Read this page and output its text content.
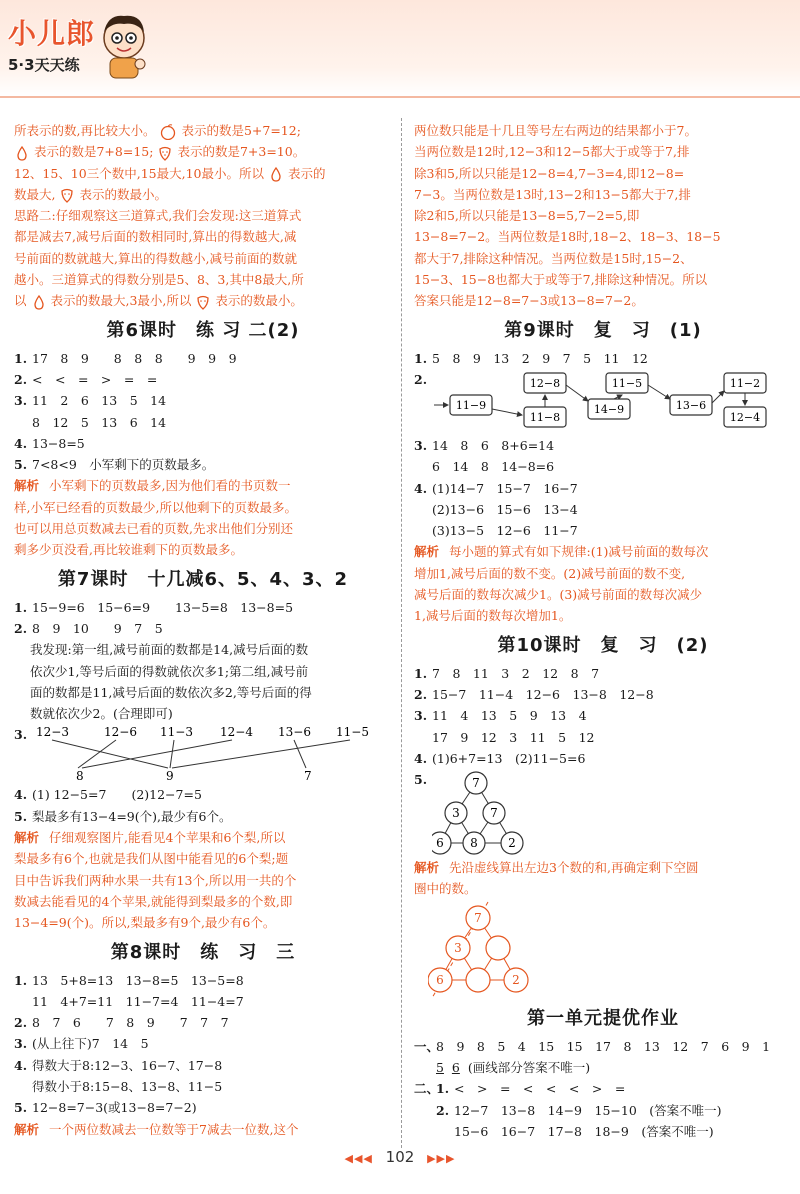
小儿郎
5·3天天练

所表示的数,再比较大小。 表示的数是5+7=12;

表示的数是7+8=15; 表示的数是7+3=10。

12、15、10三个数中,15最大,10最小。所以 表示的

数最大, 表示的数最小。

思路二:仔细观察这三道算式,我们会发现:这三道算式

都是减去7,减号后面的数相同时,算出的得数越大,减

号前面的数就越大,算出的得数越小,减号前面的数就

越小。三道算式的得数分别是5、8、3,其中8最大,所

以 表示的数最大,3最小,所以 表示的数最小。

第6课时　练 习 二(2)
1. 17　8　9　　8　8　8　　9　9　9
2. <　<　=　>　=　=
3. 11　2　6　13　5　14
8　12　5　13　6　14
4. 13−8=5
5. 7<8<9　小军剩下的页数最多。

解析 小军剩下的页数最多,因为他们看的书页数一

样,小军已经看的页数最少,所以他剩下的页数最多。

也可以用总页数减去已看的页数,先求出他们分别还

剩多少页没看,再比较谁剩下的页数最多。

第7课时　十几减6、5、4、3、2
1. 15−9=6　15−6=9　　13−5=8　13−8=5
2. 8　9　10　　9　7　5

我发现:第一组,减号前面的数都是14,减号后面的数

依次少1,等号后面的得数就依次多1;第二组,减号前

面的数都是11,减号后面的数依次多2,等号后面的得

数就依次少2。(合理即可)

3. 12−3	12−6 11−3 12−4 13−6 11−5
8	9	7
4. (1) 12−5=7　　(2)12−7=5
5. 梨最多有13−4=9(个),最少有6个。

解析 仔细观察图片,能看见4个苹果和6个梨,所以

梨最多有6个,也就是我们从图中能看见的6个梨;题

目中告诉我们两种水果一共有13个,所以用一共的个

数减去能看见的4个苹果,就能得到梨最多的个数,即

13−4=9(个)。所以,梨最多有9个,最少有6个。

第8课时　练　习　三
1. 13　5+8=13　13−8=5　13−5=8
11　4+7=11　11−7=4　11−4=7
2. 8　7　6　　7　8　9　　7　7　7
3. (从上往下)7　14　5
4. 得数大于8:12−3、16−7、17−8
得数小于8:15−8、13−8、11−5
5. 12−8=7−3(或13−8=7−2)

解析 一个两位数减去一位数等于7减去一位数,这个

两位数只能是十几且等号左右两边的结果都小于7。

当两位数是12时,12−3和12−5都大于或等于7,排

除3和5,所以只能是12−8=4,7−3=4,即12−8=

7−3。当两位数是13时,13−2和13−5都大于7,排

除2和5,所以只能是13−8=5,7−2=5,即

13−8=7−2。当两位数是18时,18−2、18−3、18−5

都大于7,排除这种情况。当两位数是15时,15−2、

15−3、15−8也都大于或等于7,排除这种情况。所以

答案只能是12−8=7−3或13−8=7−2。

第9课时　复　习　(1)
1. 5　8　9　13　2　9　7　5　11　12
2.
11−9
11−8
12−8
14−9
11−5
13−6
11−2
12−4
3. 14　8　6　8+6=14
6　14　8　14−8=6
4. (1)14−7　15−7　16−7
(2)13−6　15−6　13−4
(3)13−5　12−6　11−7

解析 每小题的算式有如下规律:(1)减号前面的数每次

增加1,减号后面的数不变。(2)减号前面的数不变,

减号后面的数每次减少1。(3)减号前面的数每次减少

1,减号后面的数每次增加1。

第10课时　复　习　(2)
1. 7　8　11　3　2　12　8　7
2. 15−7　11−4　12−6　13−8　12−8
3. 11　4　13　5　9　13　4
17　9　12　3　11　5　12
4. (1)6+7=13　(2)11−5=6
5.	7
3	7
6 8	2

解析 先沿虚线算出左边3个数的和,再确定剩下空圆

圈中的数。

7
3
6	2
第一单元提优作业
一、
8　9　8　5　4　15　15　17　8　13　12　7　6　9　1
5
6
(画线部分答案不唯一)
二、
1. <　>　=　<　<　<　>　=
2. 12−7　13−8　14−9　15−10　(答案不唯一)
15−6　16−7　17−8　18−9　(答案不唯一)
◀◀◀ 102 ▶▶▶
